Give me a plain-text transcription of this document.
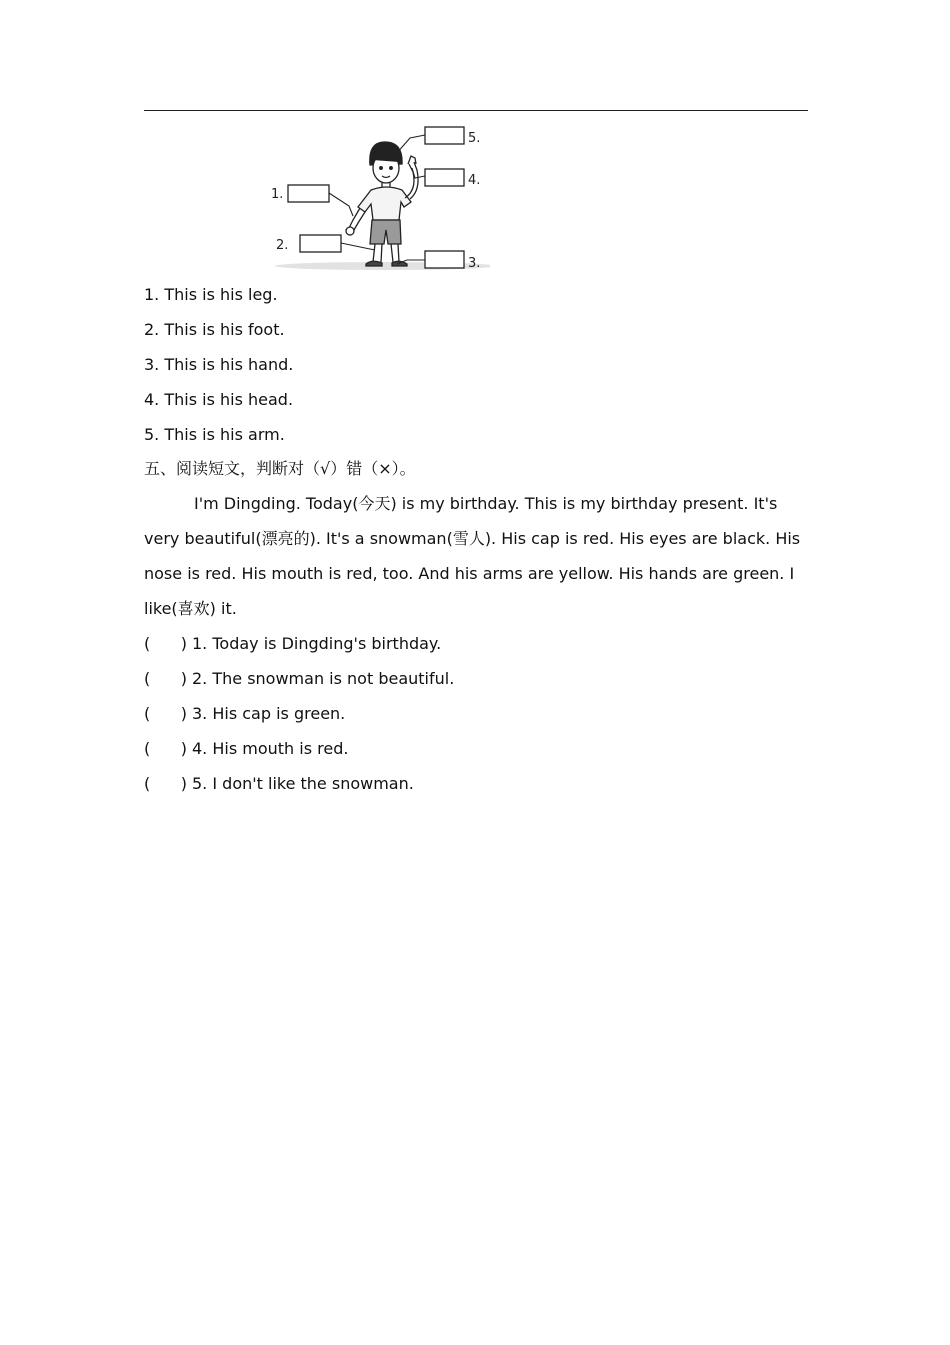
1.
2.
3.
4.
5.
1. This is his leg.
2. This is his foot.
3. This is his hand.
4. This is his head.
5. This is his arm.
五、阅读短文，判断对（√）错（×）。
I'm Dingding. Today(今天) is my birthday. This is my birthday present. It's very beautiful(漂亮的). It's a snowman(雪人). His cap is red. His eyes are black. His nose is red. His mouth is red, too. And his arms are yellow. His hands are green. I like(喜欢) it.
(      ) 1. Today is Dingding's birthday.
(      ) 2. The snowman is not beautiful.
(      ) 3. His cap is green.
(      ) 4. His mouth is red.
(      ) 5. I don't like the snowman.
